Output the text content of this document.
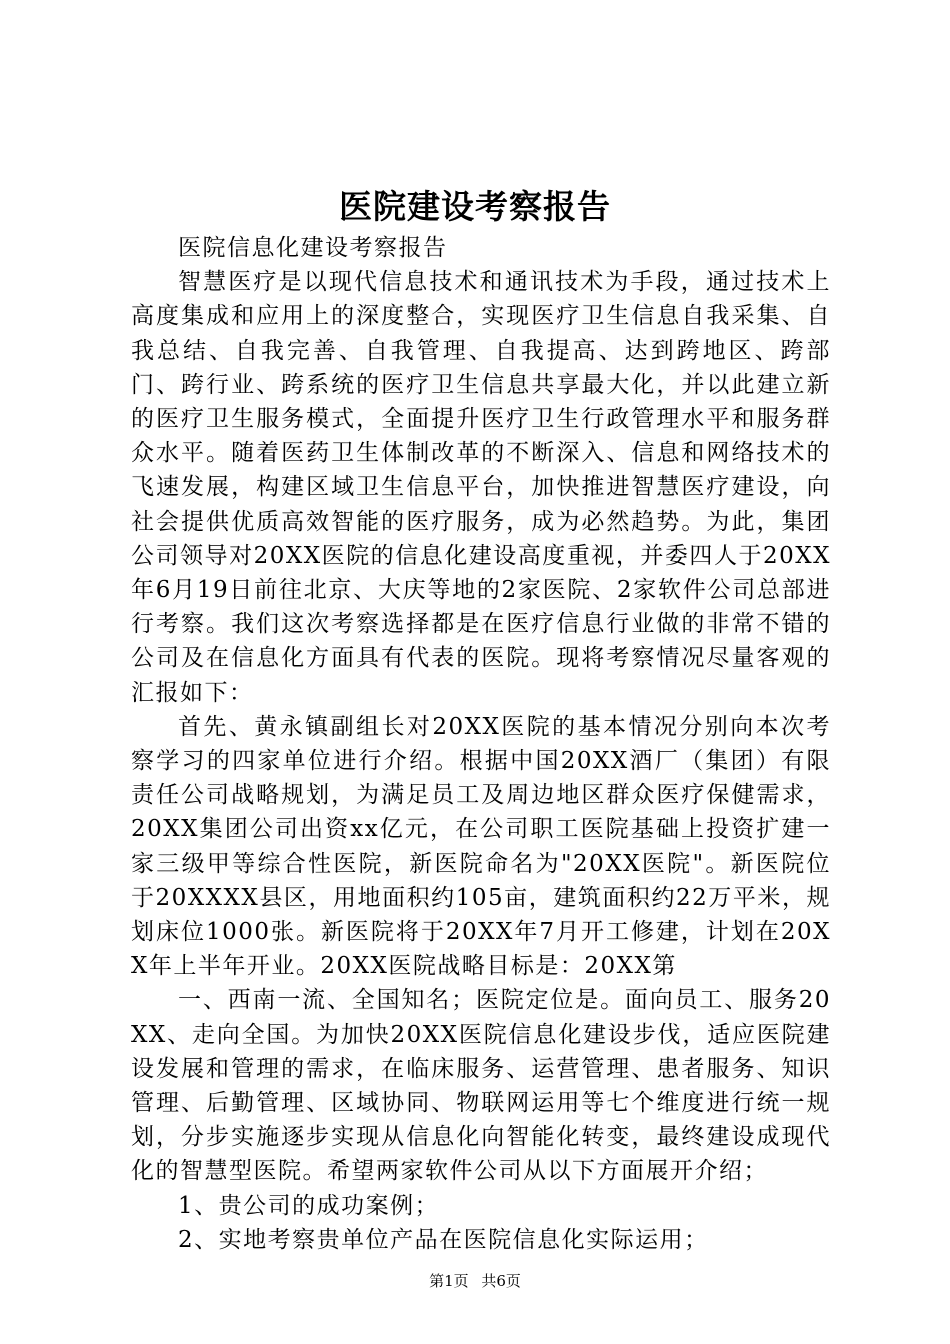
医院建设考察报告

医院信息化建设考察报告

智慧医疗是以现代信息技术和通讯技术为手段，通过技术上高度集成和应用上的深度整合，实现医疗卫生信息自我采集、自我总结、自我完善、自我管理、自我提高、达到跨地区、跨部门、跨行业、跨系统的医疗卫生信息共享最大化，并以此建立新的医疗卫生服务模式，全面提升医疗卫生行政管理水平和服务群众水平。随着医药卫生体制改革的不断深入、信息和网络技术的飞速发展，构建区域卫生信息平台，加快推进智慧医疗建设，向社会提供优质高效智能的医疗服务，成为必然趋势。为此，集团公司领导对20XX医院的信息化建设高度重视，并委四人于20XX年6月19日前往北京、大庆等地的2家医院、2家软件公司总部进行考察。我们这次考察选择都是在医疗信息行业做的非常不错的公司及在信息化方面具有代表的医院。现将考察情况尽量客观的汇报如下：

首先、黄永镇副组长对20XX医院的基本情况分别向本次考察学习的四家单位进行介绍。根据中国20XX酒厂（集团）有限责任公司战略规划，为满足员工及周边地区群众医疗保健需求，20XX集团公司出资xx亿元，在公司职工医院基础上投资扩建一家三级甲等综合性医院，新医院命名为"20XX医院"。新医院位于20XXXX县区，用地面积约105亩，建筑面积约22万平米，规划床位1000张。新医院将于20XX年7月开工修建，计划在20XX年上半年开业。20XX医院战略目标是：20XX第

一、西南一流、全国知名；医院定位是。面向员工、服务20XX、走向全国。为加快20XX医院信息化建设步伐，适应医院建设发展和管理的需求，在临床服务、运营管理、患者服务、知识管理、后勤管理、区域协同、物联网运用等七个维度进行统一规划，分步实施逐步实现从信息化向智能化转变，最终建设成现代化的智慧型医院。希望两家软件公司从以下方面展开介绍；

1、贵公司的成功案例；

2、实地考察贵单位产品在医院信息化实际运用；

第1页 共6页
